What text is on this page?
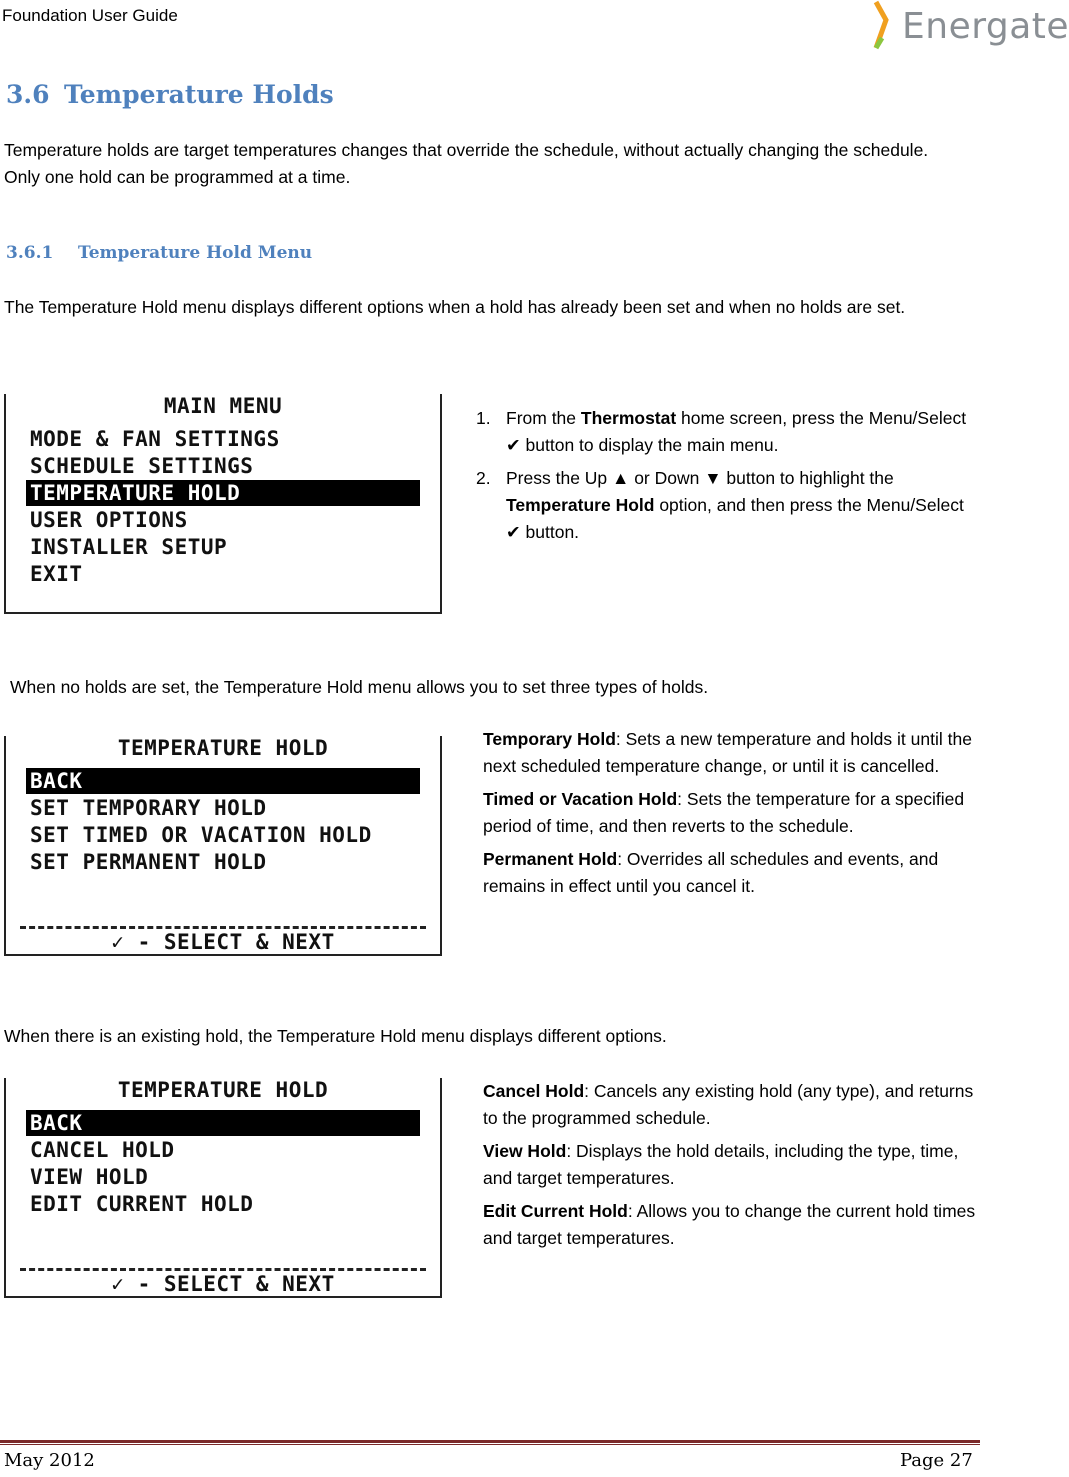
Foundation User Guide	Energate
3.6 Temperature Holds
Temperature holds are target temperatures changes that override the schedule, without actually changing the schedule. Only one hold can be programmed at a time.
3.6.1 Temperature Hold Menu
The Temperature Hold menu displays different options when a hold has already been set and when no holds are set.
MAIN MENU
MODE & FAN SETTINGS
SCHEDULE SETTINGS
TEMPERATURE HOLD
USER OPTIONS
INSTALLER SETUP
EXIT
1. From the Thermostat home screen, press the Menu/Select ✔ button to display the main menu.
2. Press the Up ▲ or Down ▼ button to highlight the Temperature Hold option, and then press the Menu/Select ✔ button.
When no holds are set, the Temperature Hold menu allows you to set three types of holds.
TEMPERATURE HOLD
BACK
SET TEMPORARY HOLD
SET TIMED OR VACATION HOLD
SET PERMANENT HOLD
✓ - SELECT & NEXT

Temporary Hold: Sets a new temperature and holds it until the next scheduled temperature change, or until it is cancelled.

Timed or Vacation Hold: Sets the temperature for a specified period of time, and then reverts to the schedule.

Permanent Hold: Overrides all schedules and events, and remains in effect until you cancel it.

When there is an existing hold, the Temperature Hold menu displays different options.
TEMPERATURE HOLD
BACK
CANCEL HOLD
VIEW HOLD
EDIT CURRENT HOLD
✓ - SELECT & NEXT

Cancel Hold: Cancels any existing hold (any type), and returns to the programmed schedule.

View Hold: Displays the hold details, including the type, time, and target temperatures.

Edit Current Hold: Allows you to change the current hold times and target temperatures.

May 2012	Page 27
